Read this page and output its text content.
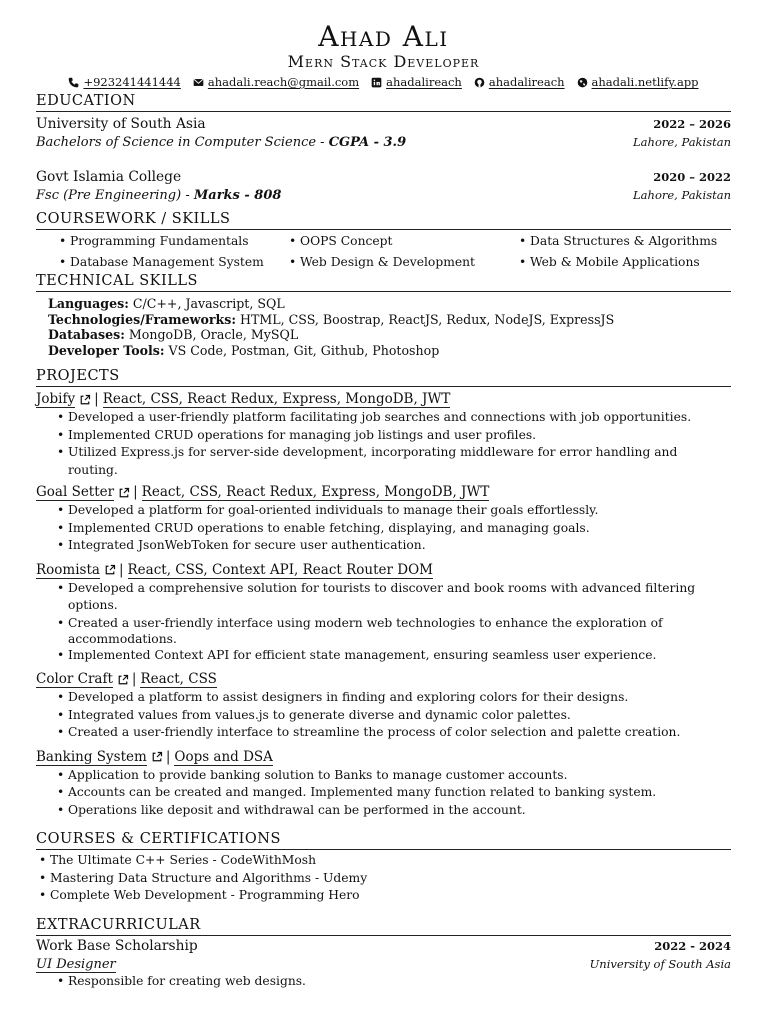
Ahad Ali
Mern Stack Developer
+923241441444 ahadali.reach@gmail.com ahadalireach ahadalireach ahadali.netlify.app
EDUCATION
University of South Asia	2022 – 2026
Bachelors of Science in Computer Science - CGPA - 3.9	Lahore, Pakistan
Govt Islamia College	2020 – 2022
Fsc (Pre Engineering) - Marks - 808	Lahore, Pakistan
COURSEWORK / SKILLS
• Programming Fundamentals	• OOPS Concept	• Data Structures & Algorithms
• Database Management System	• Web Design & Development	• Web & Mobile Applications
TECHNICAL SKILLS
Languages: C/C++, Javascript, SQL
Technologies/Frameworks: HTML, CSS, Boostrap, ReactJS, Redux, NodeJS, ExpressJS
Databases: MongoDB, Oracle, MySQL
Developer Tools: VS Code, Postman, Git, Github, Photoshop
PROJECTS
Jobify | React, CSS, React Redux, Express, MongoDB, JWT
• Developed a user-friendly platform facilitating job searches and connections with job opportunities.
• Implemented CRUD operations for managing job listings and user profiles.
• Utilized Express.js for server-side development, incorporating middleware for error handling and routing.
Goal Setter | React, CSS, React Redux, Express, MongoDB, JWT
• Developed a platform for goal-oriented individuals to manage their goals effortlessly.
• Implemented CRUD operations to enable fetching, displaying, and managing goals.
• Integrated JsonWebToken for secure user authentication.
Roomista | React, CSS, Context API, React Router DOM
• Developed a comprehensive solution for tourists to discover and book rooms with advanced filtering options.
• Created a user-friendly interface using modern web technologies to enhance the exploration of accommodations.
• Implemented Context API for efficient state management, ensuring seamless user experience.
Color Craft | React, CSS
• Developed a platform to assist designers in finding and exploring colors for their designs.
• Integrated values from values.js to generate diverse and dynamic color palettes.
• Created a user-friendly interface to streamline the process of color selection and palette creation.
Banking System | Oops and DSA
• Application to provide banking solution to Banks to manage customer accounts.
• Accounts can be created and manged. Implemented many function related to banking system.
• Operations like deposit and withdrawal can be performed in the account.
COURSES & CERTIFICATIONS
• The Ultimate C++ Series - CodeWithMosh
• Mastering Data Structure and Algorithms - Udemy
• Complete Web Development - Programming Hero
EXTRACURRICULAR
Work Base Scholarship	2022 - 2024
UI Designer	University of South Asia
• Responsible for creating web designs.
